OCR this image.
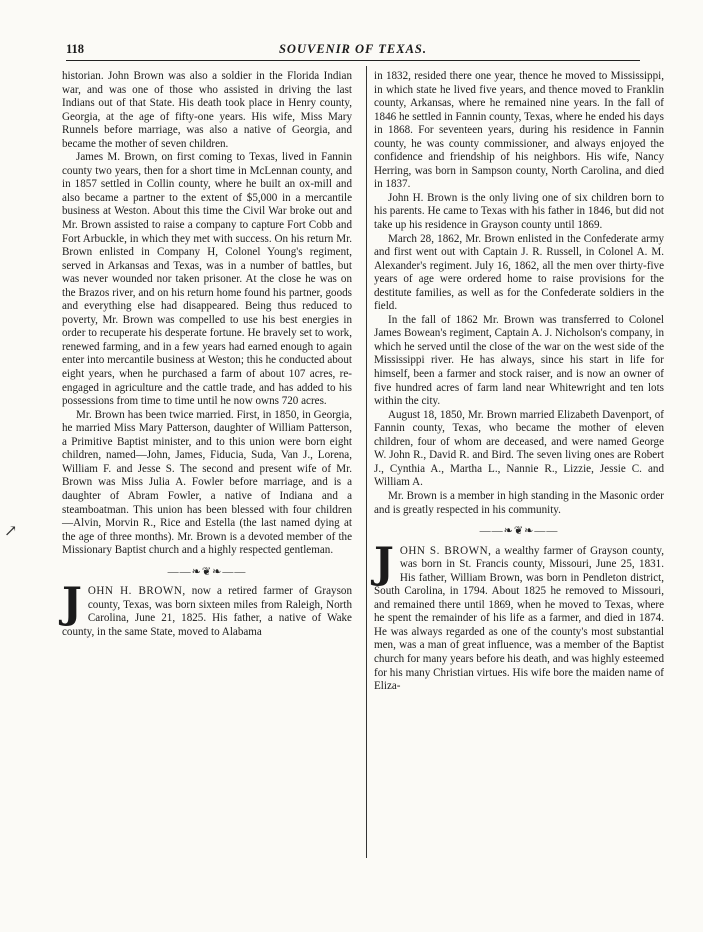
118	SOUVENIR OF TEXAS.
↗

historian. John Brown was also a soldier in the Florida Indian war, and was one of those who assisted in driving the last Indians out of that State. His death took place in Henry county, Georgia, at the age of fifty-one years. His wife, Miss Mary Runnels before marriage, was also a native of Georgia, and became the mother of seven children.

James M. Brown, on first coming to Texas, lived in Fannin county two years, then for a short time in McLennan county, and in 1857 settled in Collin county, where he built an ox-mill and also became a partner to the extent of $5,000 in a mercantile business at Weston. About this time the Civil War broke out and Mr. Brown assisted to raise a company to capture Fort Cobb and Fort Arbuckle, in which they met with success. On his return Mr. Brown enlisted in Company H, Colonel Young's regiment, served in Arkansas and Texas, was in a number of battles, but was never wounded nor taken prisoner. At the close he was on the Brazos river, and on his return home found his partner, goods and everything else had disappeared. Being thus reduced to poverty, Mr. Brown was compelled to use his best energies in order to recuperate his desperate fortune. He bravely set to work, renewed farming, and in a few years had earned enough to again enter into mercantile business at Weston; this he conducted about eight years, when he purchased a farm of about 107 acres, re-engaged in agriculture and the cattle trade, and has added to his possessions from time to time until he now owns 720 acres.

Mr. Brown has been twice married. First, in 1850, in Georgia, he married Miss Mary Patterson, daughter of William Patterson, a Primitive Baptist minister, and to this union were born eight children, named—John, James, Fiducia, Suda, Van J., Lorena, William F. and Jesse S. The second and present wife of Mr. Brown was Miss Julia A. Fowler before marriage, and is a daughter of Abram Fowler, a native of Indiana and a steamboatman. This union has been blessed with four children —Alvin, Morvin R., Rice and Estella (the last named dying at the age of three months). Mr. Brown is a devoted member of the Missionary Baptist church and a highly respected gentleman.

——❧❦❧——

JOHN H. BROWN, now a retired farmer of Grayson county, Texas, was born sixteen miles from Raleigh, North Carolina, June 21, 1825. His father, a native of Wake county, in the same State, moved to Alabama

in 1832, resided there one year, thence he moved to Mississippi, in which state he lived five years, and thence moved to Franklin county, Arkansas, where he remained nine years. In the fall of 1846 he settled in Fannin county, Texas, where he ended his days in 1868. For seventeen years, during his residence in Fannin county, he was county commissioner, and always enjoyed the confidence and friendship of his neighbors. His wife, Nancy Herring, was born in Sampson county, North Carolina, and died in 1837.

John H. Brown is the only living one of six children born to his parents. He came to Texas with his father in 1846, but did not take up his residence in Grayson county until 1869.

March 28, 1862, Mr. Brown enlisted in the Confederate army and first went out with Captain J. R. Russell, in Colonel A. M. Alexander's regiment. July 16, 1862, all the men over thirty-five years of age were ordered home to raise provisions for the destitute families, as well as for the Confederate soldiers in the field.

In the fall of 1862 Mr. Brown was transferred to Colonel James Bowean's regiment, Captain A. J. Nicholson's company, in which he served until the close of the war on the west side of the Mississippi river. He has always, since his start in life for himself, been a farmer and stock raiser, and is now an owner of five hundred acres of farm land near Whitewright and ten lots within the city.

August 18, 1850, Mr. Brown married Elizabeth Davenport, of Fannin county, Texas, who became the mother of eleven children, four of whom are deceased, and were named George W. John R., David R. and Bird. The seven living ones are Robert J., Cynthia A., Martha L., Nannie R., Lizzie, Jessie C. and William A.

Mr. Brown is a member in high standing in the Masonic order and is greatly respected in his community.

——❧❦❧——

JOHN S. BROWN, a wealthy farmer of Grayson county, was born in St. Francis county, Missouri, June 25, 1831. His father, William Brown, was born in Pendleton district, South Carolina, in 1794. About 1825 he removed to Missouri, and remained there until 1869, when he moved to Texas, where he spent the remainder of his life as a farmer, and died in 1874. He was always regarded as one of the county's most substantial men, was a man of great influence, was a member of the Baptist church for many years before his death, and was highly esteemed for his many Christian virtues. His wife bore the maiden name of Eliza-
